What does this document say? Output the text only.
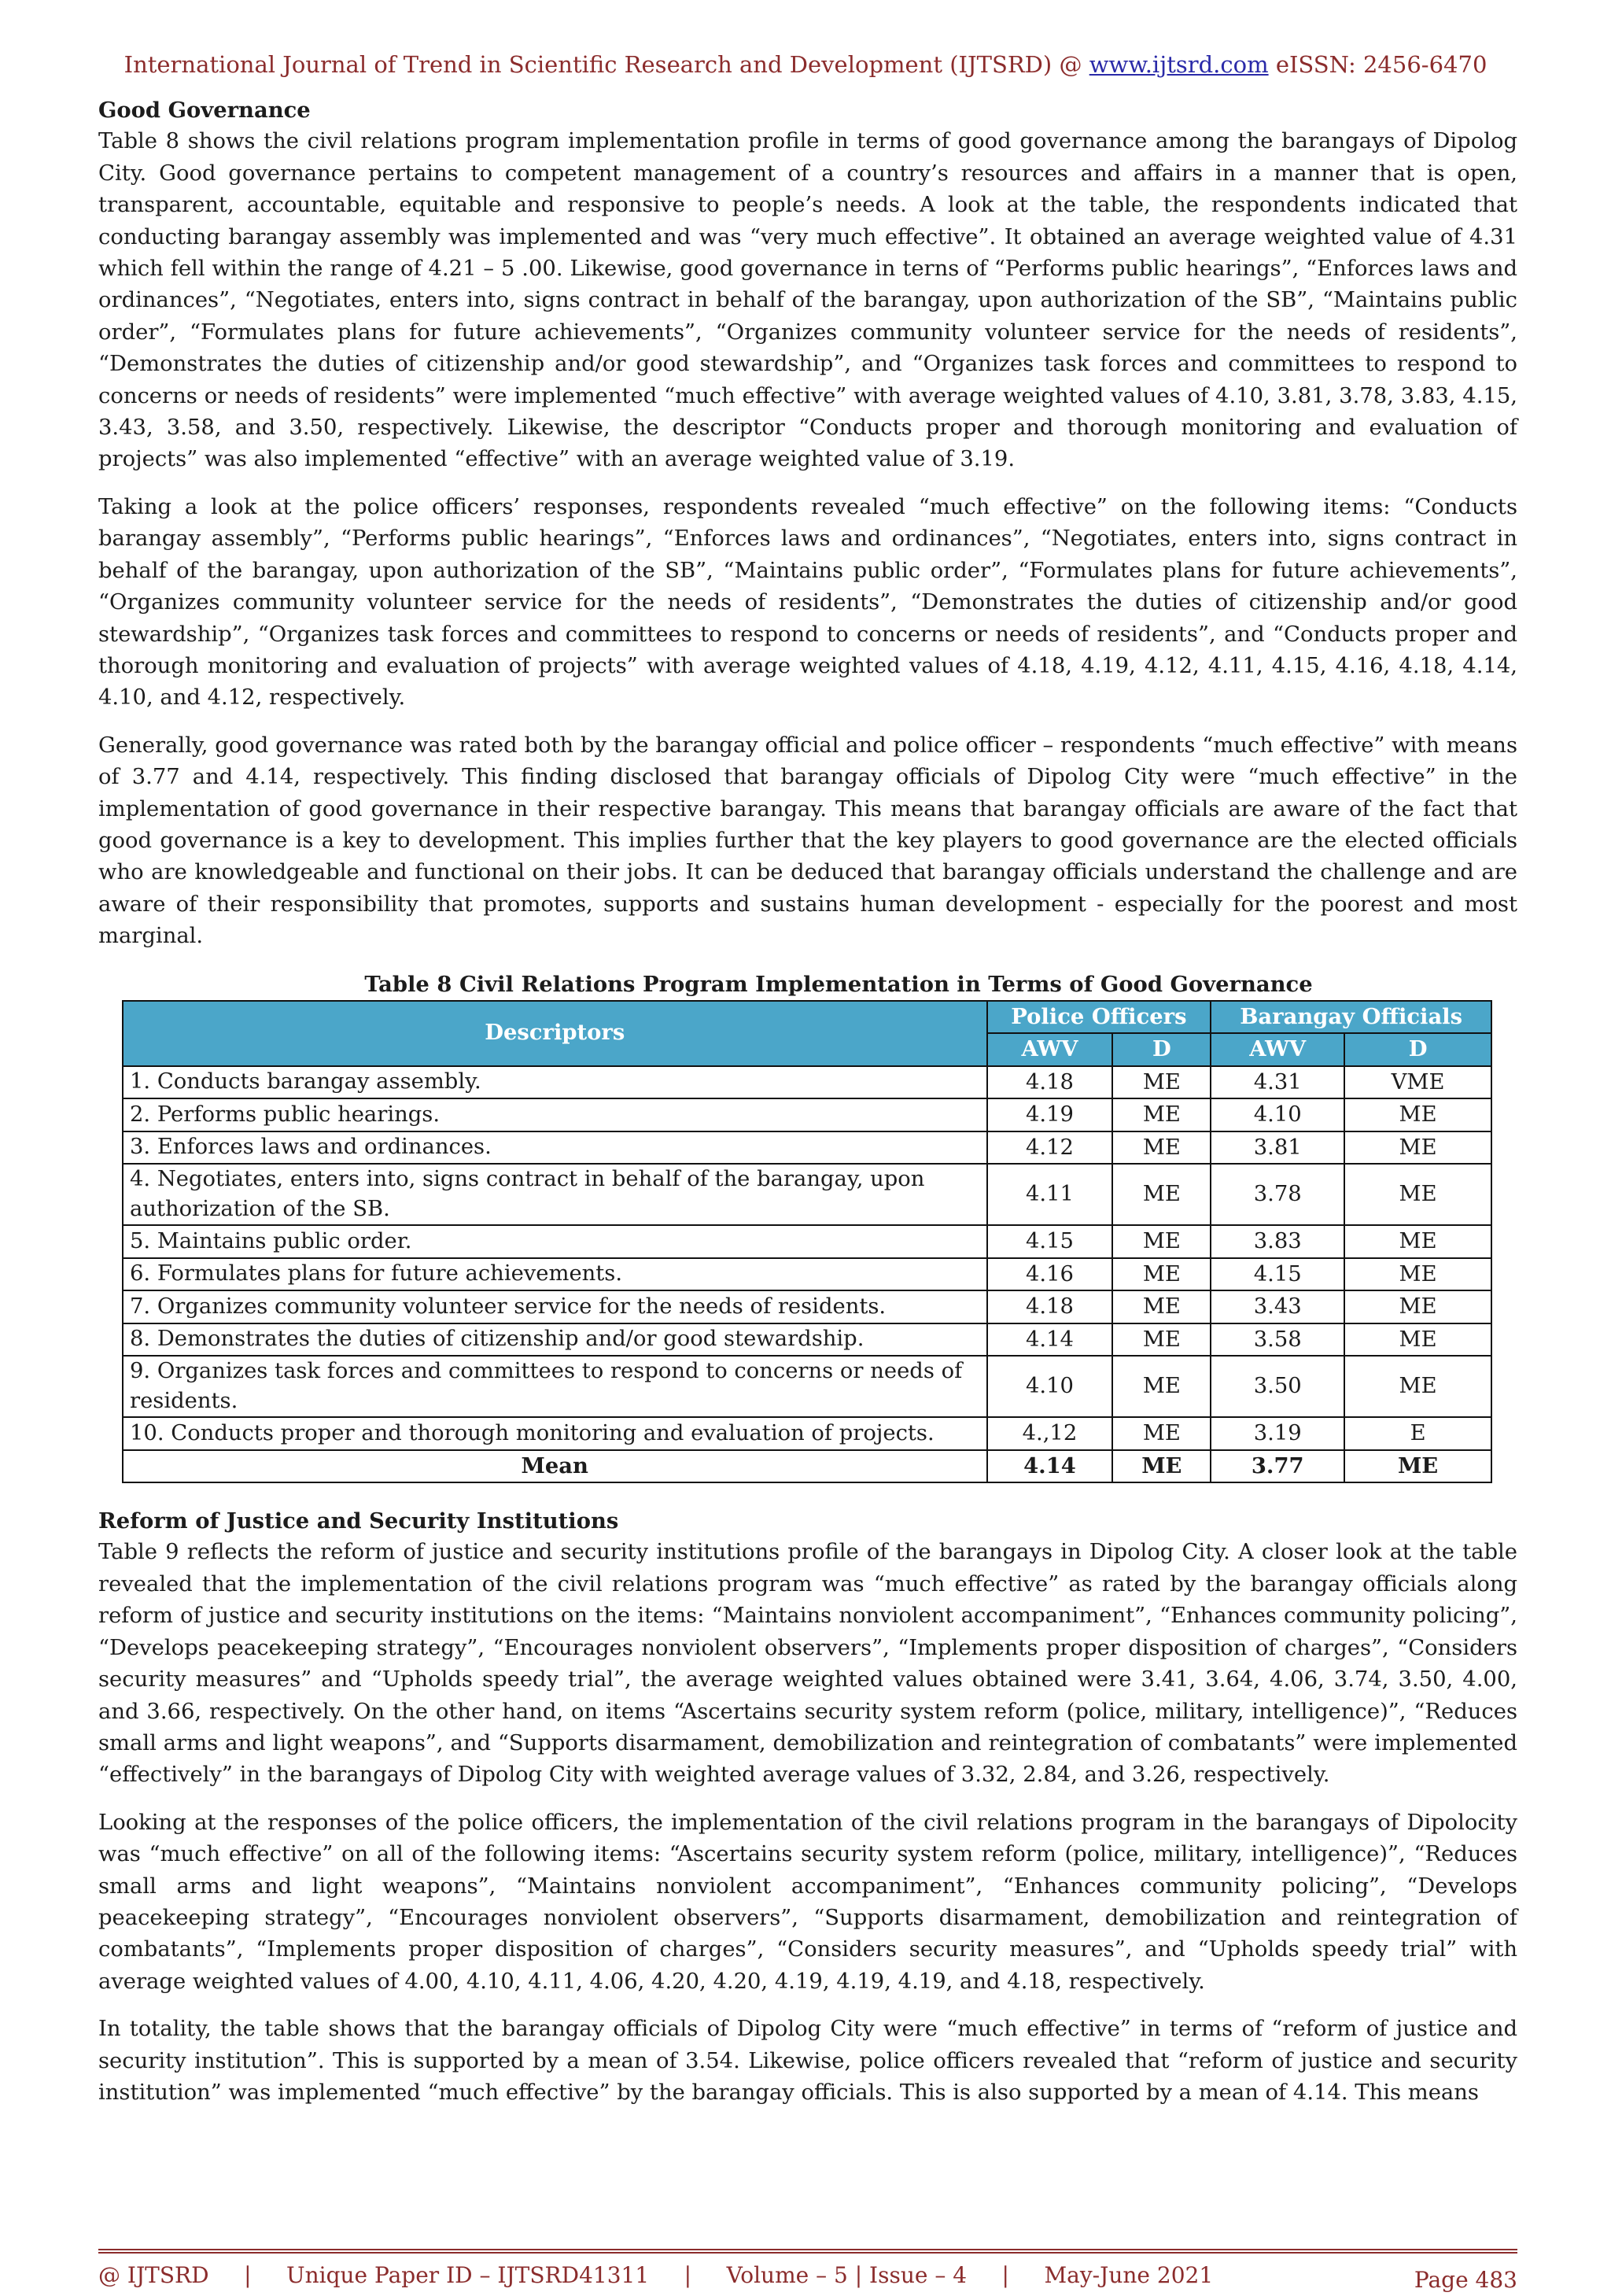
International Journal of Trend in Scientific Research and Development (IJTSRD) @ www.ijtsrd.com eISSN: 2456-6470

Good Governance

Table 8 shows the civil relations program implementation profile in terms of good governance among the barangays of Dipolog City. Good governance pertains to competent management of a country’s resources and affairs in a manner that is open, transparent, accountable, equitable and responsive to people’s needs. A look at the table, the respondents indicated that conducting barangay assembly was implemented and was “very much effective”. It obtained an average weighted value of 4.31 which fell within the range of 4.21 – 5 .00. Likewise, good governance in terns of “Performs public hearings”, “Enforces laws and ordinances”, “Negotiates, enters into, signs contract in behalf of the barangay, upon authorization of the SB”, “Maintains public order”, “Formulates plans for future achievements”, “Organizes community volunteer service for the needs of residents”, “Demonstrates the duties of citizenship and/or good stewardship”, and “Organizes task forces and committees to respond to concerns or needs of residents” were implemented “much effective” with average weighted values of 4.10, 3.81, 3.78, 3.83, 4.15, 3.43, 3.58, and 3.50, respectively. Likewise, the descriptor “Conducts proper and thorough monitoring and evaluation of projects” was also implemented “effective” with an average weighted value of 3.19.

Taking a look at the police officers’ responses, respondents revealed “much effective” on the following items: “Conducts barangay assembly”, “Performs public hearings”, “Enforces laws and ordinances”, “Negotiates, enters into, signs contract in behalf of the barangay, upon authorization of the SB”, “Maintains public order”, “Formulates plans for future achievements”, “Organizes community volunteer service for the needs of residents”, “Demonstrates the duties of citizenship and/or good stewardship”, “Organizes task forces and committees to respond to concerns or needs of residents”, and “Conducts proper and thorough monitoring and evaluation of projects” with average weighted values of 4.18, 4.19, 4.12, 4.11, 4.15, 4.16, 4.18, 4.14, 4.10, and 4.12, respectively.

Generally, good governance was rated both by the barangay official and police officer – respondents “much effective” with means of 3.77 and 4.14, respectively. This finding disclosed that barangay officials of Dipolog City were “much effective” in the implementation of good governance in their respective barangay. This means that barangay officials are aware of the fact that good governance is a key to development. This implies further that the key players to good governance are the elected officials who are knowledgeable and functional on their jobs. It can be deduced that barangay officials understand the challenge and are aware of their responsibility that promotes, supports and sustains human development - especially for the poorest and most marginal.

Table 8 Civil Relations Program Implementation in Terms of Good Governance

Descriptors	Police Officers		Barangay Officials	
	AWV	D	AWV	D
1. Conducts barangay assembly.	4.18	ME	4.31	VME
2. Performs public hearings.	4.19	ME	4.10	ME
3. Enforces laws and ordinances.	4.12	ME	3.81	ME
4. Negotiates, enters into, signs contract in behalf of the barangay, upon authorization of the SB.	4.11	ME	3.78	ME
5. Maintains public order.	4.15	ME	3.83	ME
6. Formulates plans for future achievements.	4.16	ME	4.15	ME
7. Organizes community volunteer service for the needs of residents.	4.18	ME	3.43	ME
8. Demonstrates the duties of citizenship and/or good stewardship.	4.14	ME	3.58	ME
9. Organizes task forces and committees to respond to concerns or needs of residents.	4.10	ME	3.50	ME
10. Conducts proper and thorough monitoring and evaluation of projects.	4.,12	ME	3.19	E
Mean	4.14	ME	3.77	ME

Reform of Justice and Security Institutions

Table 9 reflects the reform of justice and security institutions profile of the barangays in Dipolog City. A closer look at the table revealed that the implementation of the civil relations program was “much effective” as rated by the barangay officials along reform of justice and security institutions on the items: “Maintains nonviolent accompaniment”, “Enhances community policing”, “Develops peacekeeping strategy”, “Encourages nonviolent observers”, “Implements proper disposition of charges”, “Considers security measures” and “Upholds speedy trial”, the average weighted values obtained were 3.41, 3.64, 4.06, 3.74, 3.50, 4.00, and 3.66, respectively. On the other hand, on items “Ascertains security system reform (police, military, intelligence)”, “Reduces small arms and light weapons”, and “Supports disarmament, demobilization and reintegration of combatants” were implemented “effectively” in the barangays of Dipolog City with weighted average values of 3.32, 2.84, and 3.26, respectively.

Looking at the responses of the police officers, the implementation of the civil relations program in the barangays of Dipolocity was “much effective” on all of the following items: “Ascertains security system reform (police, military, intelligence)”, “Reduces small arms and light weapons”, “Maintains nonviolent accompaniment”, “Enhances community policing”, “Develops peacekeeping strategy”, “Encourages nonviolent observers”, “Supports disarmament, demobilization and reintegration of combatants”, “Implements proper disposition of charges”, “Considers security measures”, and “Upholds speedy trial” with average weighted values of 4.00, 4.10, 4.11, 4.06, 4.20, 4.20, 4.19, 4.19, 4.19, and 4.18, respectively.

In totality, the table shows that the barangay officials of Dipolog City were “much effective” in terms of “reform of justice and security institution”. This is supported by a mean of 3.54. Likewise, police officers revealed that “reform of justice and security institution” was implemented “much effective” by the barangay officials. This is also supported by a mean of 4.14. This means

@ IJTSRD     |     Unique Paper ID – IJTSRD41311     |     Volume – 5 | Issue – 4     |     May-June 2021	Page 483
